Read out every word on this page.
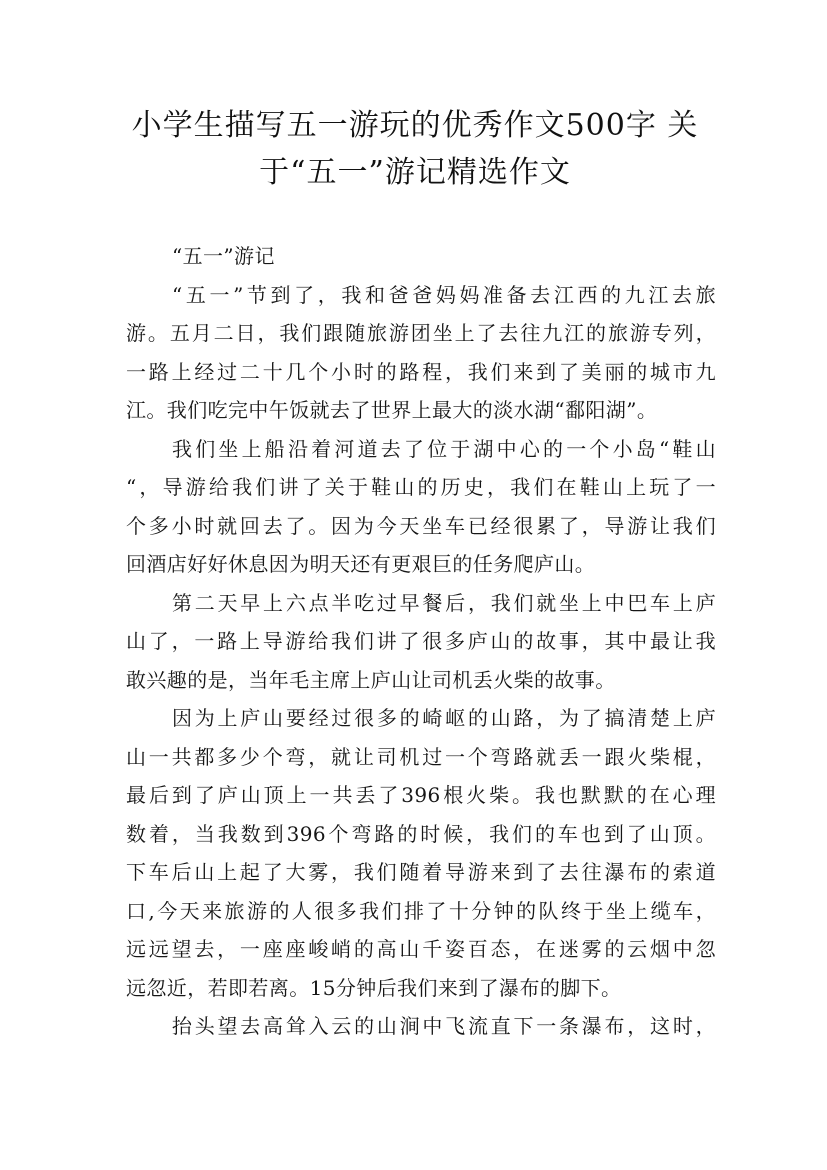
小学生描写五一游玩的优秀作文500字 关
于“五一”游记精选作文
“五一”游记
“五一”节到了，我和爸爸妈妈准备去江西的九江去旅
游。五月二日，我们跟随旅游团坐上了去往九江的旅游专列，
一路上经过二十几个小时的路程，我们来到了美丽的城市九
江。我们吃完中午饭就去了世界上最大的淡水湖“鄱阳湖”。
我们坐上船沿着河道去了位于湖中心的一个小岛“鞋山
“，导游给我们讲了关于鞋山的历史，我们在鞋山上玩了一
个多小时就回去了。因为今天坐车已经很累了，导游让我们
回酒店好好休息因为明天还有更艰巨的任务爬庐山。
第二天早上六点半吃过早餐后，我们就坐上中巴车上庐
山了，一路上导游给我们讲了很多庐山的故事，其中最让我
敢兴趣的是，当年毛主席上庐山让司机丢火柴的故事。
因为上庐山要经过很多的崎岖的山路，为了搞清楚上庐
山一共都多少个弯，就让司机过一个弯路就丢一跟火柴棍，
最后到了庐山顶上一共丢了396根火柴。我也默默的在心理
数着，当我数到396个弯路的时候，我们的车也到了山顶。
下车后山上起了大雾，我们随着导游来到了去往瀑布的索道
口,今天来旅游的人很多我们排了十分钟的队终于坐上缆车，
远远望去，一座座峻峭的高山千姿百态，在迷雾的云烟中忽
远忽近，若即若离。15分钟后我们来到了瀑布的脚下。
抬头望去高耸入云的山涧中飞流直下一条瀑布，这时，
